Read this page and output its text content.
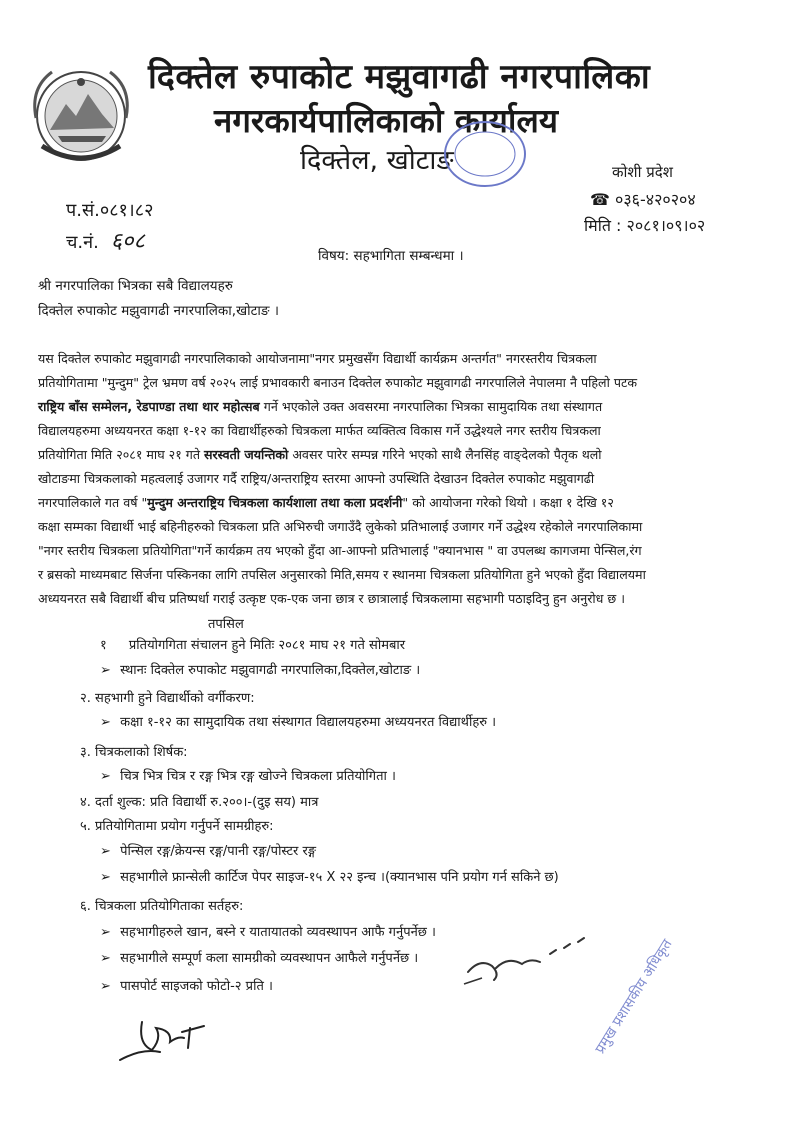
दिक्तेल रुपाकोट मझुवागढी नगरपालिका
नगरकार्यपालिकाको कार्यालय
दिक्तेल, खोटाङ	कोशी प्रदेश
☎ ०३६-४२०२०४
मिति : २०८१।०९।०२
प.सं.०८१।८२
च.नं. ६०८
विषय: सहभागिता सम्बन्धमा ।
श्री नगरपालिका भित्रका सबै विद्यालयहरु
दिक्तेल रुपाकोट मझुवागढी नगरपालिका,खोटाङ ।
यस दिक्तेल रुपाकोट मझुवागढी नगरपालिकाको आयोजनामा"नगर प्रमुखसँग विद्यार्थी कार्यक्रम अन्तर्गत" नगरस्तरीय चित्रकला
प्रतियोगितामा "मुन्दुम" ट्रेल भ्रमण वर्ष २०२५ लाई प्रभावकारी बनाउन दिक्तेल रुपाकोट मझुवागढी नगरपालिले नेपालमा नै पहिलो पटक
राष्ट्रिय बाँस सम्मेलन, रेडपाण्डा तथा थार महोत्सब गर्ने भएकोले उक्त अवसरमा नगरपालिका भित्रका सामुदायिक तथा संस्थागत
विद्यालयहरुमा अध्ययनरत कक्षा १-१२ का विद्यार्थीहरुको चित्रकला मार्फत व्यक्तित्व विकास गर्ने उद्धेश्यले नगर स्तरीय चित्रकला
प्रतियोगिता मिति २०८१ माघ २१ गते सरस्वती जयन्तिको अवसर पारेर सम्पन्न गरिने भएको साथै लैनसिंह वाङ्देलको पैतृक थलो
खोटाङमा चित्रकलाको महत्वलाई उजागर गर्दै राष्ट्रिय/अन्तराष्ट्रिय स्तरमा आफ्नो उपस्थिति देखाउन दिक्तेल रुपाकोट मझुवागढी
नगरपालिकाले गत वर्ष "मुन्दुम अन्तराष्ट्रिय चित्रकला कार्यशाला तथा कला प्रदर्शनी" को आयोजना गरेको थियो । कक्षा १ देखि १२
कक्षा सम्मका विद्यार्थी भाई बहिनीहरुको चित्रकला प्रति अभिरुची जगाउँदै लुकेको प्रतिभालाई उजागर गर्ने उद्धेश्य रहेकोले नगरपालिकामा
"नगर स्तरीय चित्रकला प्रतियोगिता"गर्ने कार्यक्रम तय भएको हुँदा आ-आफ्नो प्रतिभालाई "क्यानभास " वा उपलब्ध कागजमा पेन्सिल,रंग
र ब्रसको माध्यमबाट सिर्जना पस्किनका लागि तपसिल अनुसारको मिति,समय र स्थानमा चित्रकला प्रतियोगिता हुने भएको हुँदा विद्यालयमा
अध्ययनरत सबै विद्यार्थी बीच प्रतिष्पर्धा गराई उत्कृष्ट एक-एक जना छात्र र छात्रालाई चित्रकलामा सहभागी पठाइदिनु हुन अनुरोध छ ।
तपसिल
१ प्रतियोगगिता संचालन हुने मितिः २०८१ माघ २१ गते सोमबार
➢ स्थानः दिक्तेल रुपाकोट मझुवागढी नगरपालिका,दिक्तेल,खोटाङ ।
२. सहभागी हुने विद्यार्थीको वर्गीकरण:
➢ कक्षा १-१२ का सामुदायिक तथा संस्थागत विद्यालयहरुमा अध्ययनरत विद्यार्थीहरु ।
३. चित्रकलाको शिर्षक:
➢ चित्र भित्र चित्र र रङ्ग भित्र रङ्ग खोज्ने चित्रकला प्रतियोगिता ।
४. दर्ता शुल्क: प्रति विद्यार्थी रु.२००।-(दुइ सय) मात्र
५. प्रतियोगितामा प्रयोग गर्नुपर्ने सामग्रीहरु:
➢ पेन्सिल रङ्ग/क्रेयन्स रङ्ग/पानी रङ्ग/पोस्टर रङ्ग
➢ सहभागीले फ्रान्सेली कार्टिज पेपर साइज-१५ X २२ इन्च ।(क्यानभास पनि प्रयोग गर्न सकिने छ)
६. चित्रकला प्रतियोगिताका सर्तहरु:
➢ सहभागीहरुले खान, बस्ने र यातायातको व्यवस्थापन आफै गर्नुपर्नेछ ।
➢ सहभागीले सम्पूर्ण कला सामग्रीको व्यवस्थापन आफैले गर्नुपर्नेछ ।
➢ पासपोर्ट साइजको फोटो-२ प्रति ।	प्रमुख प्रशासकीय अधिकृत
